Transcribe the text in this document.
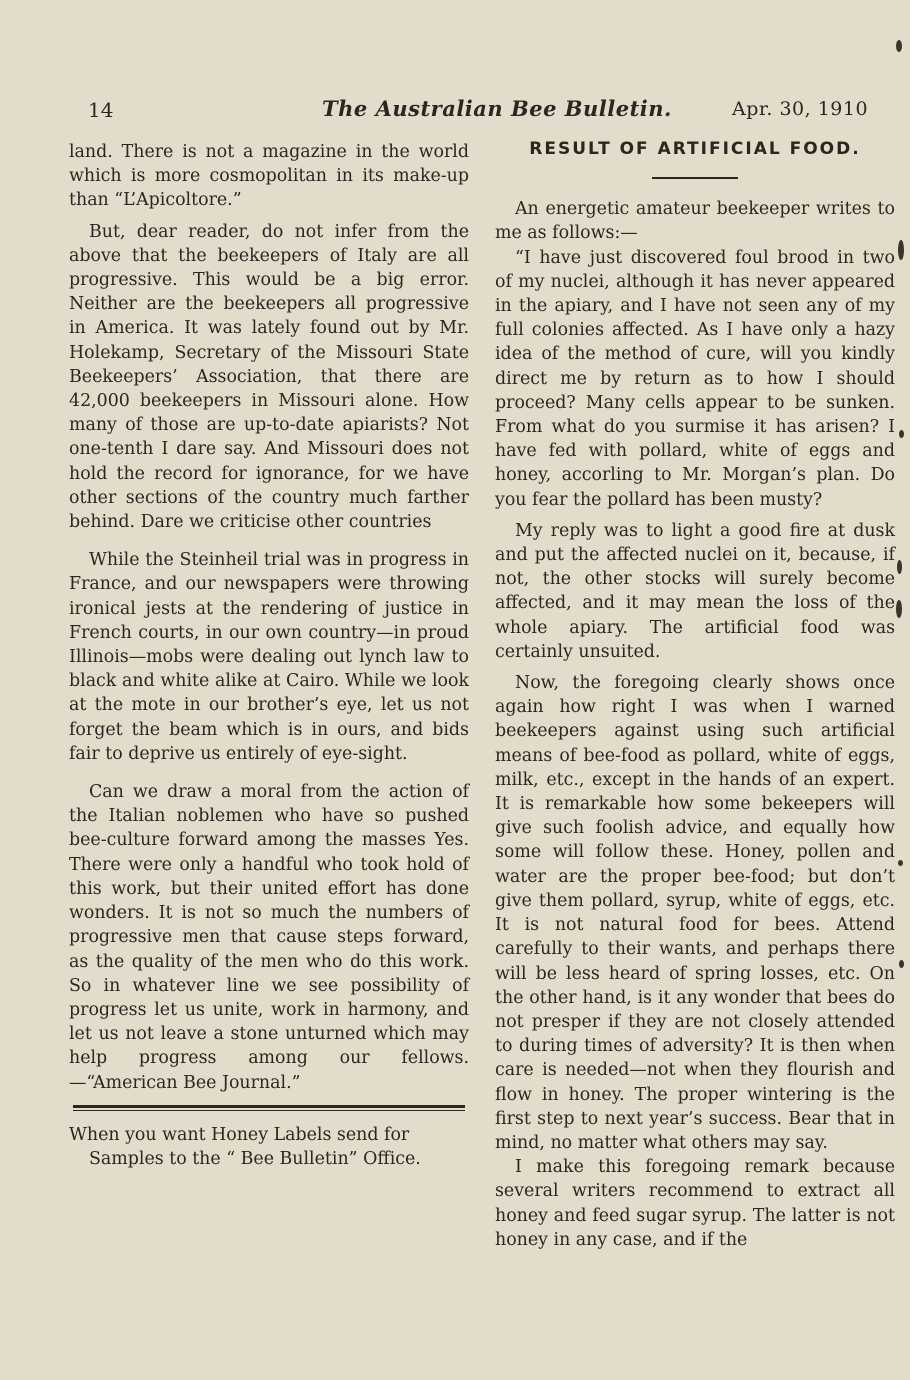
14	The Australian Bee Bulletin.	Apr. 30, 1910

land. There is not a magazine in the world which is more cosmopolitan in its make-up than “L’Apicoltore.”

But, dear reader, do not infer from the above that the beekeepers of Italy are all progressive. This would be a big error. Neither are the beekeepers all progressive in America. It was lately found out by Mr. Holekamp, Secretary of the Missouri State Beekeepers’ Association, that there are 42,000 beekeepers in Missouri alone. How many of those are up-to-date apiarists? Not one-tenth I dare say. And Missouri does not hold the record for ignorance, for we have other sections of the country much farther behind. Dare we criticise other countries

While the Steinheil trial was in progress in France, and our newspapers were throwing ironical jests at the rendering of justice in French courts, in our own country—in proud Illinois—mobs were dealing out lynch law to black and white alike at Cairo. While we look at the mote in our brother’s eye, let us not forget the beam which is in ours, and bids fair to deprive us entirely of eye-sight.

Can we draw a moral from the action of the Italian noblemen who have so pushed bee-culture forward among the masses Yes. There were only a handful who took hold of this work, but their united effort has done wonders. It is not so much the numbers of progressive men that cause steps forward, as the quality of the men who do this work. So in whatever line we see possibility of progress let us unite, work in harmony, and let us not leave a stone unturned which may help progress among our fellows.—“American Bee Journal.”

When you want Honey Labels send for
Samples to the “ Bee Bulletin” Office.

RESULT OF ARTIFICIAL FOOD.

An energetic amateur beekeeper writes to me as follows:—

“I have just discovered foul brood in two of my nuclei, although it has never appeared in the apiary, and I have not seen any of my full colonies affected. As I have only a hazy idea of the method of cure, will you kindly direct me by return as to how I should proceed? Many cells appear to be sunken. From what do you surmise it has arisen? I have fed with pollard, white of eggs and honey, accorling to Mr. Morgan’s plan. Do you fear the pollard has been musty?

My reply was to light a good fire at dusk and put the affected nuclei on it, because, if not, the other stocks will surely become affected, and it may mean the loss of the whole apiary. The artificial food was certainly unsuited.

Now, the foregoing clearly shows once again how right I was when I warned beekeepers against using such artificial means of bee-food as pollard, white of eggs, milk, etc., except in the hands of an expert. It is remarkable how some bekeepers will give such foolish advice, and equally how some will follow these. Honey, pollen and water are the proper bee-food; but don’t give them pollard, syrup, white of eggs, etc. It is not natural food for bees. Attend carefully to their wants, and perhaps there will be less heard of spring losses, etc. On the other hand, is it any wonder that bees do not presper if they are not closely attended to during times of adversity? It is then when care is needed—not when they flourish and flow in honey. The proper wintering is the first step to next year’s success. Bear that in mind, no matter what others may say.

I make this foregoing remark because several writers recommend to extract all honey and feed sugar syrup. The latter is not honey in any case, and if the
